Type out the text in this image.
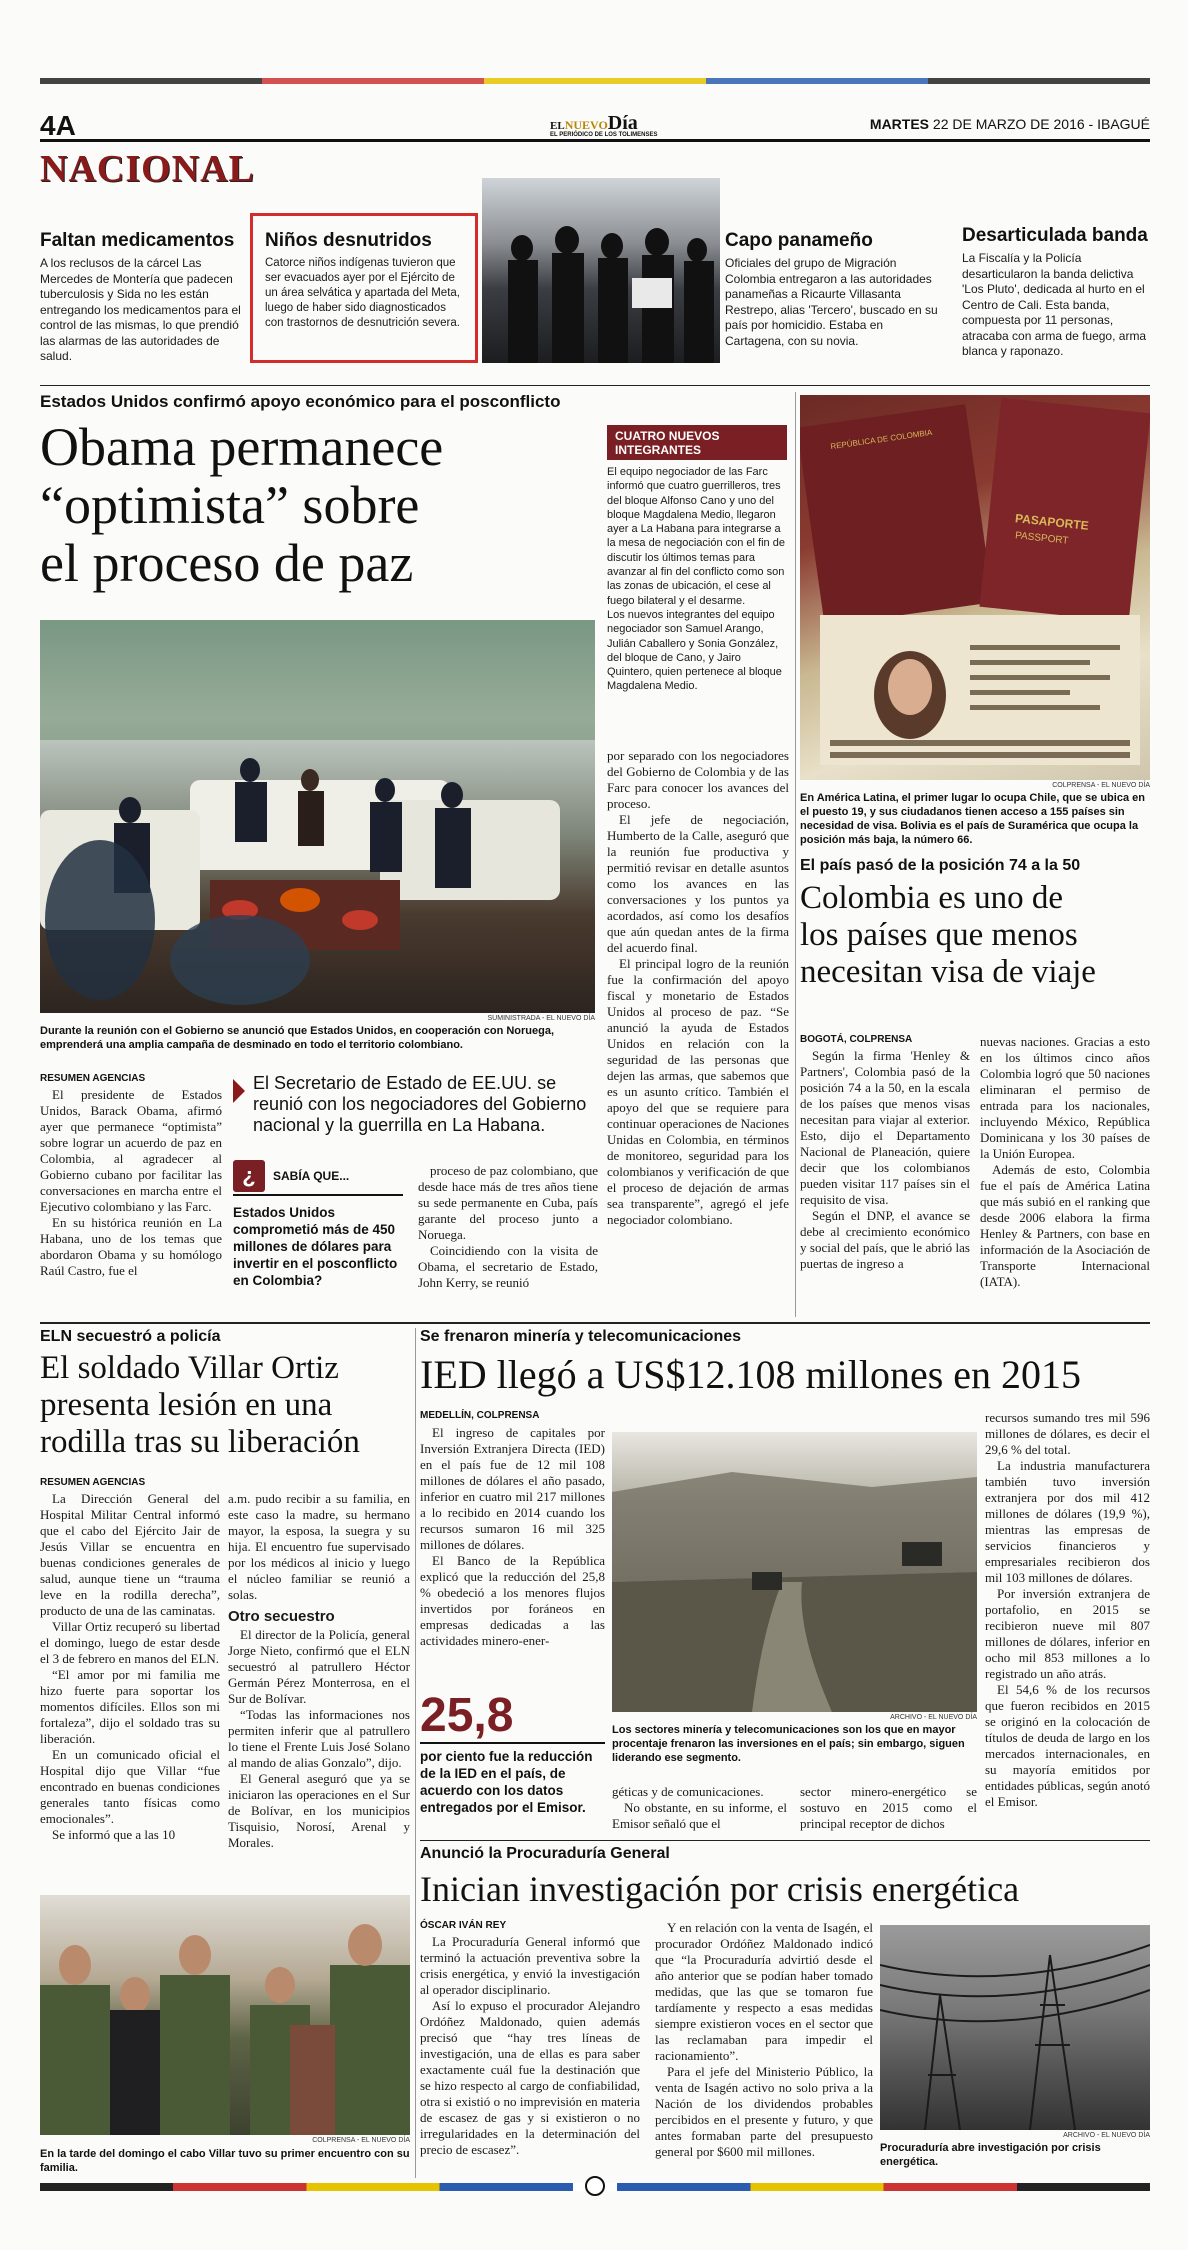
4A	ELNUEVODía
EL PERIÓDICO DE LOS TOLIMENSES
MARTES 22 DE MARZO DE 2016 - IBAGUÉ
NACIONAL
Faltan medicamentos
A los reclusos de la cárcel Las Mercedes de Montería que padecen tuberculosis y Sida no les están entregando los medicamentos para el control de las mismas, lo que prendió las alarmas de las autoridades de salud.
Niños desnutridos
Catorce niños indígenas tuvieron que ser evacuados ayer por el Ejército de un área selvática y apartada del Meta, luego de haber sido diagnosticados con trastornos de desnutrición severa.
Capo panameño
Oficiales del grupo de Migración Colombia entregaron a las autoridades panameñas a Ricaurte Villasanta Restrepo, alias 'Tercero', buscado en su país por homicidio. Estaba en Cartagena, con su novia.
Desarticulada banda
La Fiscalía y la Policía desarticularon la banda delictiva 'Los Pluto', dedicada al hurto en el Centro de Cali. Esta banda, compuesta por 11 personas, atracaba con arma de fuego, arma blanca y raponazo.
Estados Unidos confirmó apoyo económico para el posconflicto
Obama permanece
“optimista” sobre
el proceso de paz
CUATRO NUEVOS INTEGRANTES

El equipo negociador de las Farc informó que cuatro guerrilleros, tres del bloque Alfonso Cano y uno del bloque Magdalena Medio, llegaron ayer a La Habana para integrarse a la mesa de negociación con el fin de discutir los últimos temas para avanzar al fin del conflicto como son las zonas de ubicación, el cese al fuego bilateral y el desarme.

Los nuevos integrantes del equipo negociador son Samuel Arango, Julián Caballero y Sonia González, del bloque de Cano, y Jairo Quintero, quien pertenece al bloque Magdalena Medio.

SUMINISTRADA - EL NUEVO DÍA
Durante la reunión con el Gobierno se anunció que Estados Unidos, en cooperación con Noruega, emprenderá una amplia campaña de desminado en todo el territorio colombiano.
RESUMEN AGENCIAS

El presidente de Estados Unidos, Barack Obama, afirmó ayer que permanece “optimista” sobre lograr un acuerdo de paz en Colombia, al agradecer al Gobierno cubano por facilitar las conversaciones en marcha entre el Ejecutivo colombiano y las Farc.

En su histórica reunión en La Habana, uno de los temas que abordaron Obama y su homólogo Raúl Castro, fue el

El Secretario de Estado de EE.UU. se reunió con los negociadores del Gobierno nacional y la guerrilla en La Habana.
¿	SABÍA QUE...
Estados Unidos comprometió más de 450 millones de dólares para invertir en el posconflicto en Colombia?

proceso de paz colombiano, que desde hace más de tres años tiene su sede permanente en Cuba, país garante del proceso junto a Noruega.

Coincidiendo con la visita de Obama, el secretario de Estado, John Kerry, se reunió

por separado con los negociadores del Gobierno de Colombia y de las Farc para conocer los avances del proceso.

El jefe de negociación, Humberto de la Calle, aseguró que la reunión fue productiva y permitió revisar en detalle asuntos como los avances en las conversaciones y los puntos ya acordados, así como los desafíos que aún quedan antes de la firma del acuerdo final.

El principal logro de la reunión fue la confirmación del apoyo fiscal y monetario de Estados Unidos al proceso de paz. “Se anunció la ayuda de Estados Unidos en relación con la seguridad de las personas que dejen las armas, que sabemos que es un asunto crítico. También el apoyo del que se requiere para continuar operaciones de Naciones Unidas en Colombia, en términos de monitoreo, seguridad para los colombianos y verificación de que el proceso de dejación de armas sea transparente”, agregó el jefe negociador colombiano.

REPÚBLICA DE COLOMBIA
PASAPORTE
PASSPORT
COLPRENSA - EL NUEVO DÍA
En América Latina, el primer lugar lo ocupa Chile, que se ubica en el puesto 19, y sus ciudadanos tienen acceso a 155 países sin necesidad de visa. Bolivia es el país de Suramérica que ocupa la posición más baja, la número 66.
El país pasó de la posición 74 a la 50
Colombia es uno de
los países que menos
necesitan visa de viaje
BOGOTÁ, COLPRENSA

Según la firma 'Henley & Partners', Colombia pasó de la posición 74 a la 50, en la escala de los países que menos visas necesitan para viajar al exterior. Esto, dijo el Departamento Nacional de Planeación, quiere decir que los colombianos pueden visitar 117 países sin el requisito de visa.

Según el DNP, el avance se debe al crecimiento económico y social del país, que le abrió las puertas de ingreso a

nuevas naciones. Gracias a esto en los últimos cinco años Colombia logró que 50 naciones eliminaran el permiso de entrada para los nacionales, incluyendo México, República Dominicana y los 30 países de la Unión Europea.

Además de esto, Colombia fue el país de América Latina que más subió en el ranking que desde 2006 elabora la firma Henley & Partners, con base en información de la Asociación de Transporte Internacional (IATA).

ELN secuestró a policía
El soldado Villar Ortiz
presenta lesión en una
rodilla tras su liberación
RESUMEN AGENCIAS

La Dirección General del Hospital Militar Central informó que el cabo del Ejército Jair de Jesús Villar se encuentra en buenas condiciones generales de salud, aunque tiene un “trauma leve en la rodilla derecha”, producto de una de las caminatas.

Villar Ortiz recuperó su libertad el domingo, luego de estar desde el 3 de febrero en manos del ELN.

“El amor por mi familia me hizo fuerte para soportar los momentos difíciles. Ellos son mi fortaleza”, dijo el soldado tras su liberación.

En un comunicado oficial el Hospital dijo que Villar “fue encontrado en buenas condiciones generales tanto físicas como emocionales”.

Se informó que a las 10

a.m. pudo recibir a su familia, en este caso la madre, su hermano mayor, la esposa, la suegra y su hija. El encuentro fue supervisado por los médicos al inicio y luego el núcleo familiar se reunió a solas.

Otro secuestro

El director de la Policía, general Jorge Nieto, confirmó que el ELN secuestró al patrullero Héctor Germán Pérez Monterrosa, en el Sur de Bolívar.

“Todas las informaciones nos permiten inferir que al patrullero lo tiene el Frente Luis José Solano al mando de alias Gonzalo”, dijo.

El General aseguró que ya se iniciaron las operaciones en el Sur de Bolívar, en los municipios Tisquisio, Norosí, Arenal y Morales.

COLPRENSA - EL NUEVO DÍA
En la tarde del domingo el cabo Villar tuvo su primer encuentro con su familia.
Se frenaron minería y telecomunicaciones
IED llegó a US$12.108 millones en 2015
MEDELLÍN, COLPRENSA

El ingreso de capitales por Inversión Extranjera Directa (IED) en el país fue de 12 mil 108 millones de dólares el año pasado, inferior en cuatro mil 217 millones a lo recibido en 2014 cuando los recursos sumaron 16 mil 325 millones de dólares.

El Banco de la República explicó que la reducción del 25,8 % obedeció a los menores flujos invertidos por foráneos en empresas dedicadas a las actividades minero-ener-

25,8
por ciento fue la reducción de la IED en el país, de acuerdo con los datos entregados por el Emisor.
ARCHIVO - EL NUEVO DÍA
Los sectores minería y telecomunicaciones son los que en mayor procentaje frenaron las inversiones en el país; sin embargo, siguen liderando ese segmento.

géticas y de comunicaciones.

No obstante, en su informe, el Emisor señaló que el

sector minero-energético se sostuvo en 2015 como el principal receptor de dichos

recursos sumando tres mil 596 millones de dólares, es decir el 29,6 % del total.

La industria manufacturera también tuvo inversión extranjera por dos mil 412 millones de dólares (19,9 %), mientras las empresas de servicios financieros y empresariales recibieron dos mil 103 millones de dólares.

Por inversión extranjera de portafolio, en 2015 se recibieron nueve mil 807 millones de dólares, inferior en ocho mil 853 millones a lo registrado un año atrás.

El 54,6 % de los recursos que fueron recibidos en 2015 se originó en la colocación de títulos de deuda de largo en los mercados internacionales, en su mayoría emitidos por entidades públicas, según anotó el Emisor.

Anunció la Procuraduría General
Inician investigación por crisis energética
ÓSCAR IVÁN REY

La Procuraduría General informó que terminó la actuación preventiva sobre la crisis energética, y envió la investigación al operador disciplinario.

Así lo expuso el procurador Alejandro Ordóñez Maldonado, quien además precisó que “hay tres líneas de investigación, una de ellas es para saber exactamente cuál fue la destinación que se hizo respecto al cargo de confiabilidad, otra si existió o no imprevisión en materia de escasez de gas y si existieron o no irregularidades en la determinación del precio de escasez”.

Y en relación con la venta de Isagén, el procurador Ordóñez Maldonado indicó que “la Procuraduría advirtió desde el año anterior que se podían haber tomado medidas, que las que se tomaron fue tardíamente y respecto a esas medidas siempre existieron voces en el sector que las reclamaban para impedir el racionamiento”.

Para el jefe del Ministerio Público, la venta de Isagén activo no solo priva a la Nación de los dividendos probables percibidos en el presente y futuro, y que antes formaban parte del presupuesto general por $600 mil millones.

ARCHIVO - EL NUEVO DÍA
Procuraduría abre investigación por crisis energética.
